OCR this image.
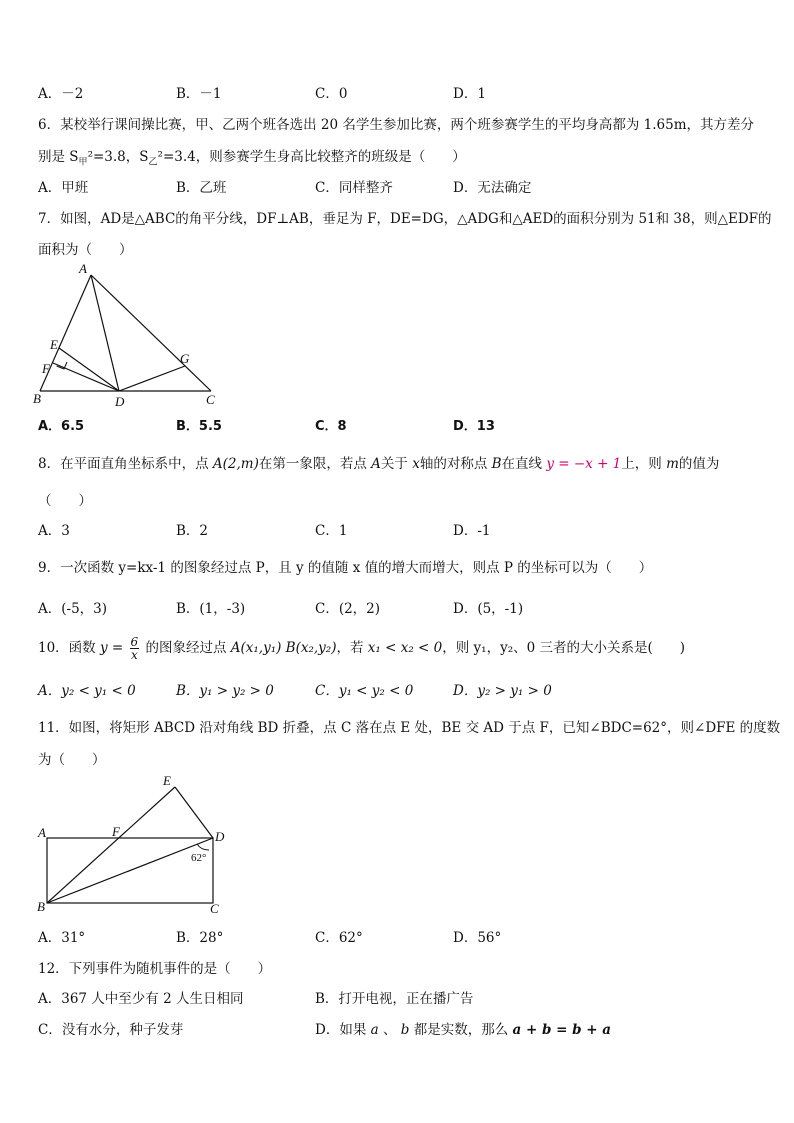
A．－2	B．－1	C．0	D．1
6．某校举行课间操比赛，甲、乙两个班各选出 20 名学生参加比赛，两个班参赛学生的平均身高都为 1.65m，其方差分
别是 $S_甲^2=3.8$，$S_乙^2=3.4$，则参赛学生身高比较整齐的班级是（　　）
A．甲班	B．乙班	C．同样整齐	D．无法确定
7．如图，AD是△ABC的角平分线，DF⊥AB，垂足为 F，DE=DG，△ADG和△AED的面积分别为 51和 38，则△EDF的
面积为（　　）
A
B	C
D
E
F
G
A．6.5	B．5.5	C．8	D．13
8．在平面直角坐标系中，点 A(2,m)在第一象限，若点 A关于 x轴的对称点 B在直线 y = −x + 1上，则 m的值为
（　　）
A．3	B．2	C．1	D．-1
9．一次函数 y=kx-1 的图象经过点 P，且 y 的值随 x 值的增大而增大，则点 P 的坐标可以为（　　）
A．(-5，3)	B．(1，-3)	C．(2，2)	D．(5，-1)
10．函数 $y = \frac{6}{x}$ 的图象经过点 A(x₁,y₁) B(x₂,y₂)，若 x₁ < x₂ < 0，则 y₁，y₂、0 三者的大小关系是(　　)
A．y₂ < y₁ < 0	B．y₁ > y₂ > 0	C．y₁ < y₂ < 0	D．y₂ > y₁ > 0
11．如图，将矩形 ABCD 沿对角线 BD 折叠，点 C 落在点 E 处，BE 交 AD 于点 F，已知∠BDC=62°，则∠DFE 的度数
为（　　）
A
B	C
D
E
F
62°
A．31°	B．28°	C．62°	D．56°
12．下列事件为随机事件的是（　　）
A．367 人中至少有 2 人生日相同	B．打开电视，正在播广告
C．没有水分，种子发芽	D．如果 a 、 b 都是实数，那么 a + b = b + a
